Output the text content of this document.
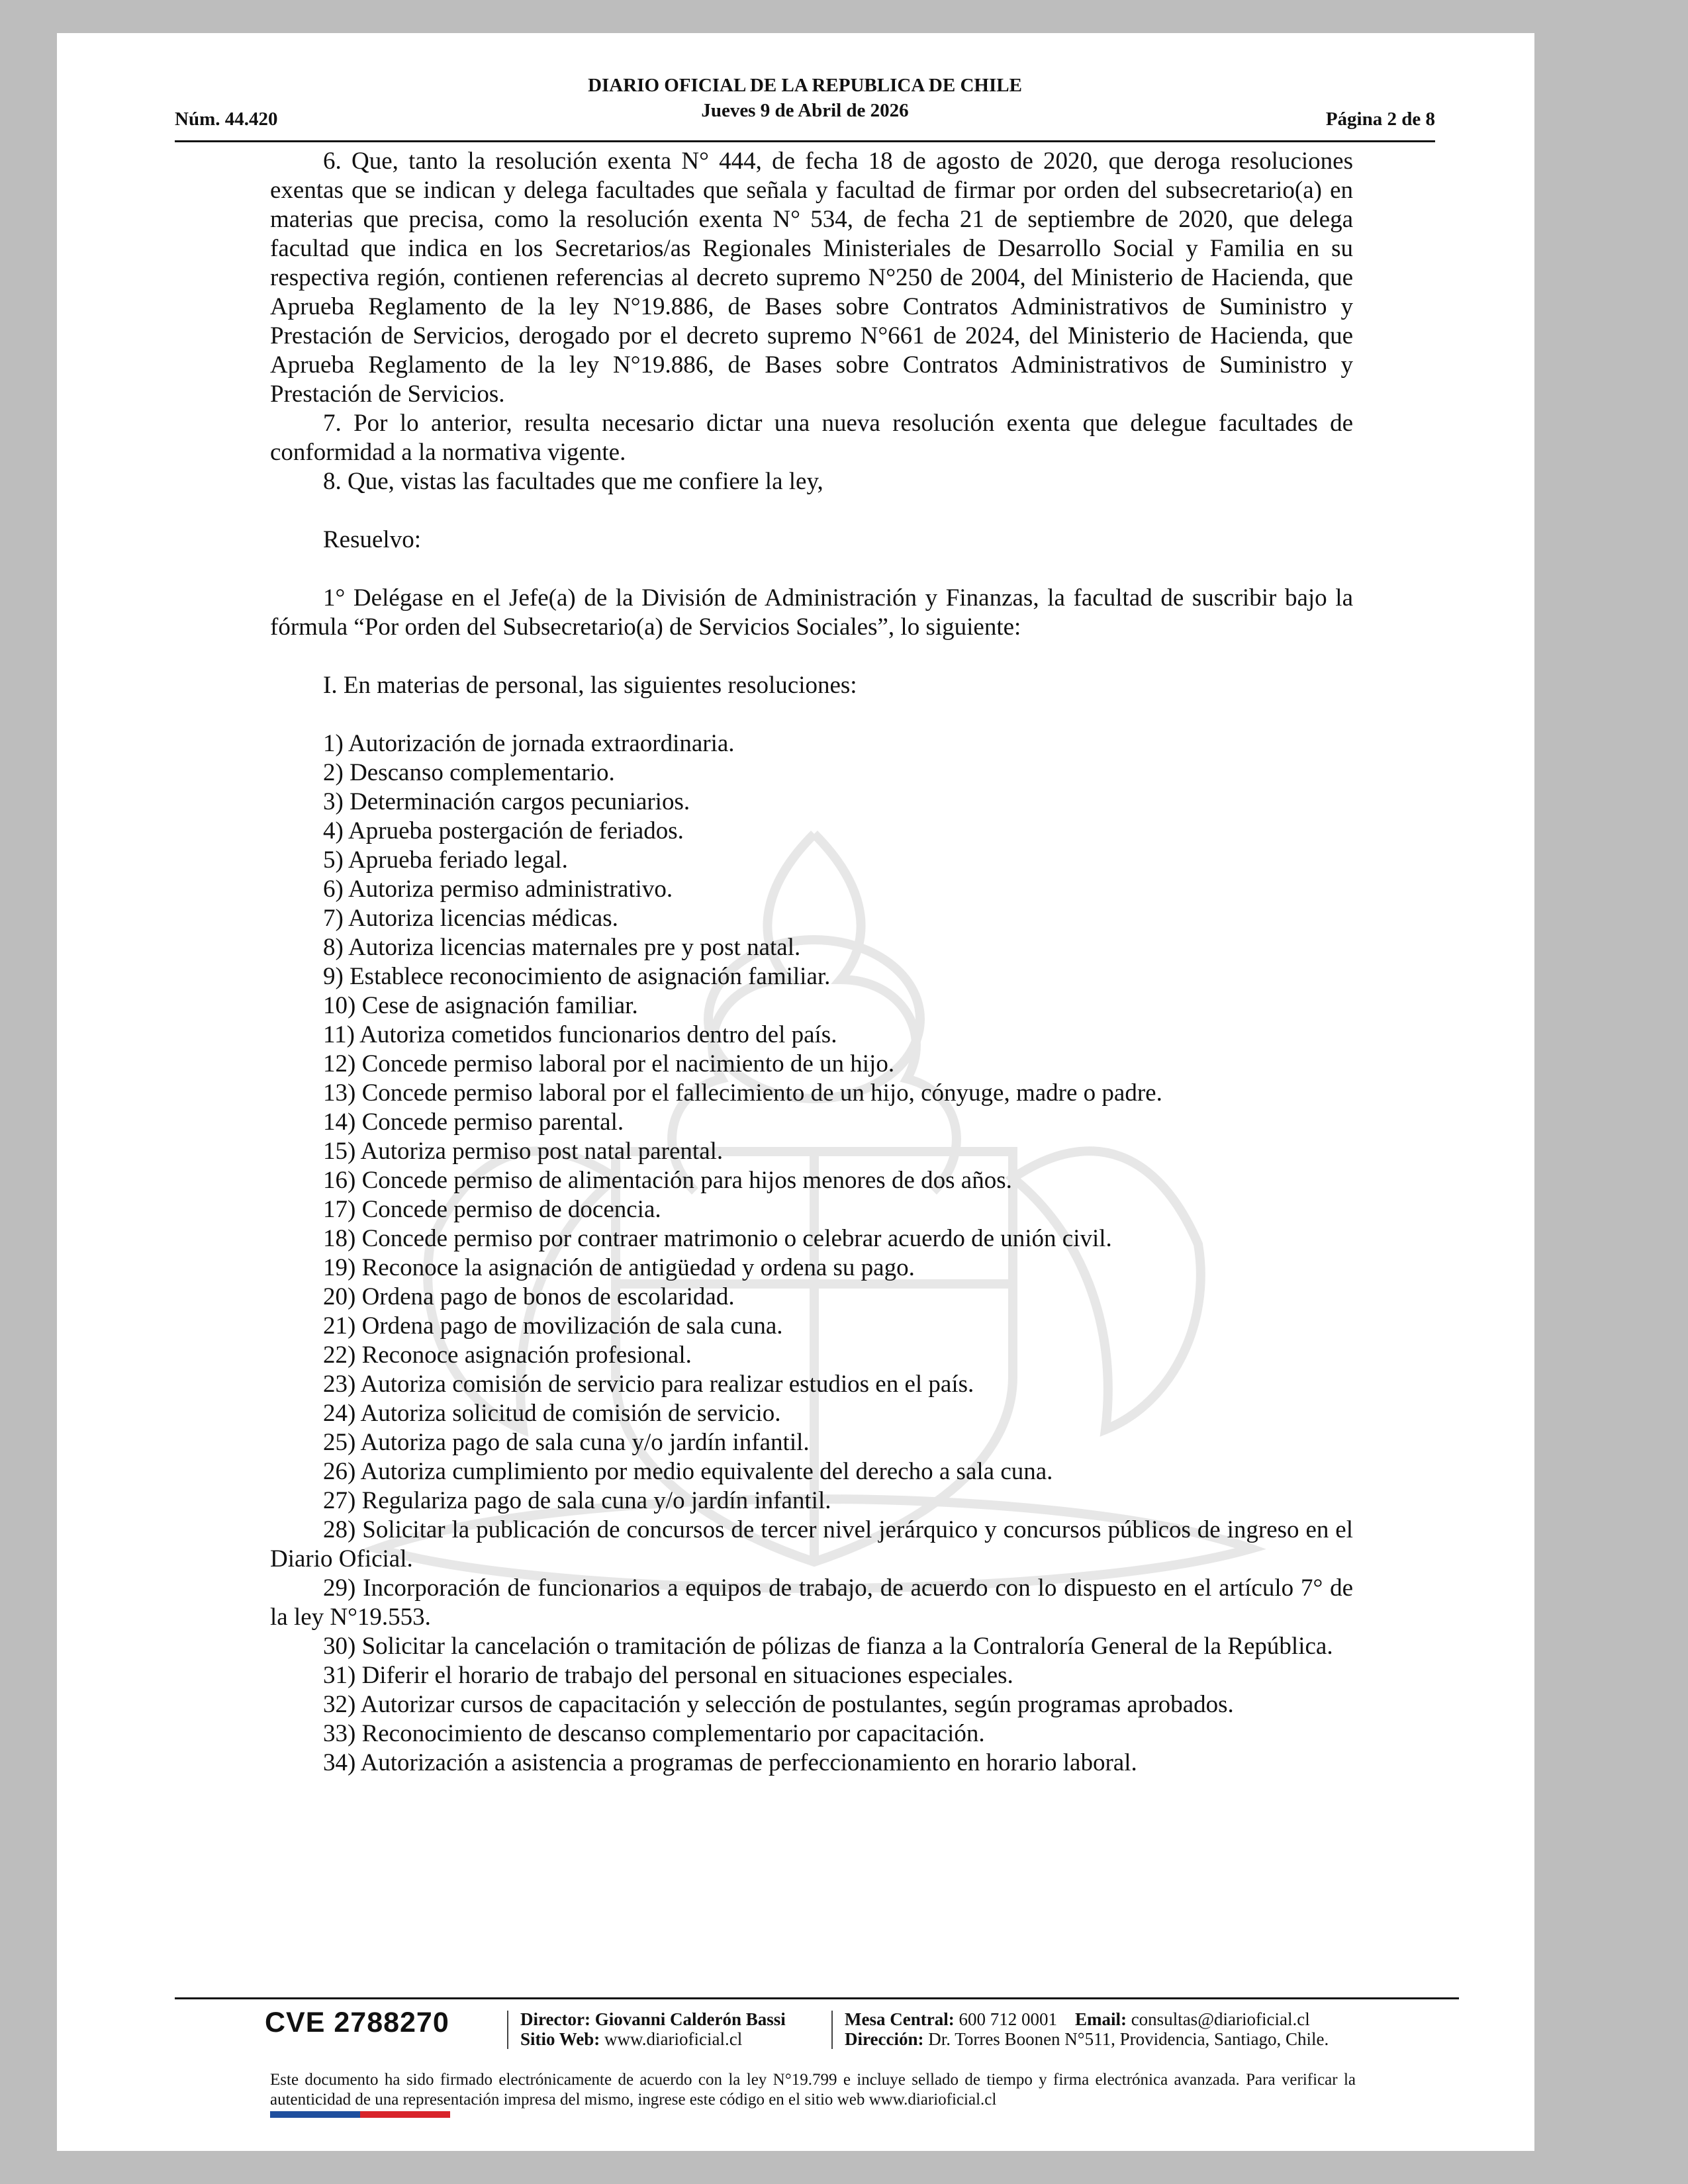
Núm. 44.420
DIARIO OFICIAL DE LA REPUBLICA DE CHILE
Jueves 9 de Abril de 2026	Página 2 de 8

6. Que, tanto la resolución exenta N° 444, de fecha 18 de agosto de 2020, que deroga resoluciones exentas que se indican y delega facultades que señala y facultad de firmar por orden del subsecretario(a) en materias que precisa, como la resolución exenta N° 534, de fecha 21 de septiembre de 2020, que delega facultad que indica en los Secretarios/as Regionales Ministeriales de Desarrollo Social y Familia en su respectiva región, contienen referencias al decreto supremo N°250 de 2004, del Ministerio de Hacienda, que Aprueba Reglamento de la ley N°19.886, de Bases sobre Contratos Administrativos de Suministro y Prestación de Servicios, derogado por el decreto supremo N°661 de 2024, del Ministerio de Hacienda, que Aprueba Reglamento de la ley N°19.886, de Bases sobre Contratos Administrativos de Suministro y Prestación de Servicios.

7. Por lo anterior, resulta necesario dictar una nueva resolución exenta que delegue facultades de conformidad a la normativa vigente.

8. Que, vistas las facultades que me confiere la ley,

Resuelvo:

1° Delégase en el Jefe(a) de la División de Administración y Finanzas, la facultad de suscribir bajo la fórmula “Por orden del Subsecretario(a) de Servicios Sociales”, lo siguiente:

I. En materias de personal, las siguientes resoluciones:

1) Autorización de jornada extraordinaria.

2) Descanso complementario.

3) Determinación cargos pecuniarios.

4) Aprueba postergación de feriados.

5) Aprueba feriado legal.

6) Autoriza permiso administrativo.

7) Autoriza licencias médicas.

8) Autoriza licencias maternales pre y post natal.

9) Establece reconocimiento de asignación familiar.

10) Cese de asignación familiar.

11) Autoriza cometidos funcionarios dentro del país.

12) Concede permiso laboral por el nacimiento de un hijo.

13) Concede permiso laboral por el fallecimiento de un hijo, cónyuge, madre o padre.

14) Concede permiso parental.

15) Autoriza permiso post natal parental.

16) Concede permiso de alimentación para hijos menores de dos años.

17) Concede permiso de docencia.

18) Concede permiso por contraer matrimonio o celebrar acuerdo de unión civil.

19) Reconoce la asignación de antigüedad y ordena su pago.

20) Ordena pago de bonos de escolaridad.

21) Ordena pago de movilización de sala cuna.

22) Reconoce asignación profesional.

23) Autoriza comisión de servicio para realizar estudios en el país.

24) Autoriza solicitud de comisión de servicio.

25) Autoriza pago de sala cuna y/o jardín infantil.

26) Autoriza cumplimiento por medio equivalente del derecho a sala cuna.

27) Regulariza pago de sala cuna y/o jardín infantil.

28) Solicitar la publicación de concursos de tercer nivel jerárquico y concursos públicos de ingreso en el Diario Oficial.

29) Incorporación de funcionarios a equipos de trabajo, de acuerdo con lo dispuesto en el artículo 7° de la ley N°19.553.

30) Solicitar la cancelación o tramitación de pólizas de fianza a la Contraloría General de la República.

31) Diferir el horario de trabajo del personal en situaciones especiales.

32) Autorizar cursos de capacitación y selección de postulantes, según programas aprobados.

33) Reconocimiento de descanso complementario por capacitación.

34) Autorización a asistencia a programas de perfeccionamiento en horario laboral.

CVE 2788270	Director: Giovanni Calderón Bassi
Sitio Web: www.diarioficial.cl
Mesa Central: 600 712 0001 Email: consultas@diarioficial.cl
Dirección: Dr. Torres Boonen N°511, Providencia, Santiago, Chile.
Este documento ha sido firmado electrónicamente de acuerdo con la ley N°19.799 e incluye sellado de tiempo y firma electrónica avanzada. Para verificar la autenticidad de una representación impresa del mismo, ingrese este código en el sitio web www.diarioficial.cl
